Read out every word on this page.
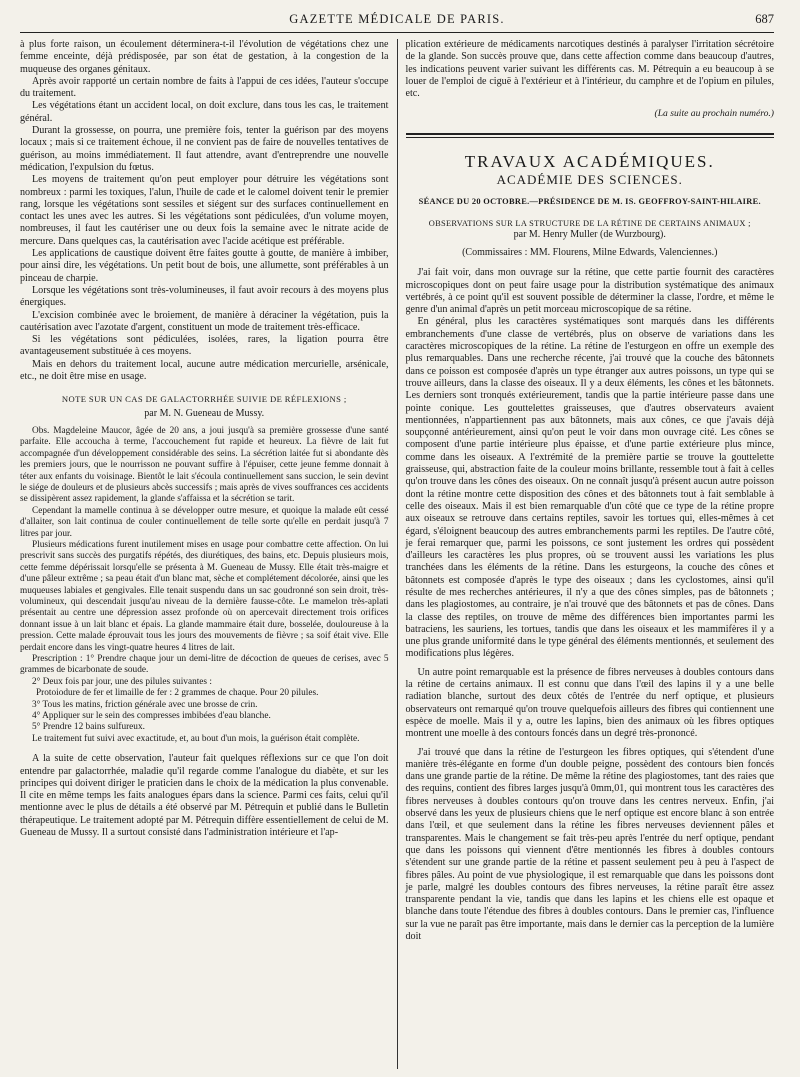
GAZETTE MÉDICALE DE PARIS.	687

à plus forte raison, un écoulement déterminera-t-il l'évolution de végétations chez une femme enceinte, déjà prédisposée, par son état de gestation, à la congestion de la muqueuse des organes génitaux.

Après avoir rapporté un certain nombre de faits à l'appui de ces idées, l'auteur s'occupe du traitement.

Les végétations étant un accident local, on doit exclure, dans tous les cas, le traitement général.

Durant la grossesse, on pourra, une première fois, tenter la guérison par des moyens locaux ; mais si ce traitement échoue, il ne convient pas de faire de nouvelles tentatives de guérison, au moins immédiatement. Il faut attendre, avant d'entreprendre une nouvelle médication, l'expulsion du fœtus.

Les moyens de traitement qu'on peut employer pour détruire les végétations sont nombreux : parmi les toxiques, l'alun, l'huile de cade et le calomel doivent tenir le premier rang, lorsque les végétations sont sessiles et siégent sur des surfaces continuellement en contact les unes avec les autres. Si les végétations sont pédiculées, d'un volume moyen, nombreuses, il faut les cautériser une ou deux fois la semaine avec le nitrate acide de mercure. Dans quelques cas, la cautérisation avec l'acide acétique est préférable.

Les applications de caustique doivent être faites goutte à goutte, de manière à imbiber, pour ainsi dire, les végétations. Un petit bout de bois, une allumette, sont préférables à un pinceau de charpie.

Lorsque les végétations sont très-volumineuses, il faut avoir recours à des moyens plus énergiques.

L'excision combinée avec le broiement, de manière à déraciner la végétation, puis la cautérisation avec l'azotate d'argent, constituent un mode de traitement très-efficace.

Si les végétations sont pédiculées, isolées, rares, la ligation pourra être avantageusement substituée à ces moyens.

Mais en dehors du traitement local, aucune autre médication mercurielle, arsénicale, etc., ne doit être mise en usage.

NOTE SUR UN CAS DE GALACTORRHÉE SUIVIE DE RÉFLEXIONS ;

par M. N. Gueneau de Mussy.

Obs. Magdeleine Maucor, âgée de 20 ans, a joui jusqu'à sa première grossesse d'une santé parfaite. Elle accoucha à terme, l'accouchement fut rapide et heureux. La fièvre de lait fut accompagnée d'un développement considérable des seins. La sécrétion laitée fut si abondante dès les premiers jours, que le nourrisson ne pouvant suffire à l'épuiser, cette jeune femme donnait à téter aux enfants du voisinage. Bientôt le lait s'écoula continuellement sans succion, le sein devint le siége de douleurs et de plusieurs abcès successifs ; mais après de vives souffrances ces accidents se dissipèrent assez rapidement, la glande s'affaissa et la sécrétion se tarit.

Cependant la mamelle continua à se développer outre mesure, et quoique la malade eût cessé d'allaiter, son lait continua de couler continuellement de telle sorte qu'elle en perdait jusqu'à 7 litres par jour.

Plusieurs médications furent inutilement mises en usage pour combattre cette affection. On lui prescrivit sans succès des purgatifs répétés, des diurétiques, des bains, etc. Depuis plusieurs mois, cette femme dépérissait lorsqu'elle se présenta à M. Gueneau de Mussy. Elle était très-maigre et d'une pâleur extrême ; sa peau était d'un blanc mat, sèche et complétement décolorée, ainsi que les muqueuses labiales et gengivales. Elle tenait suspendu dans un sac goudronné son sein droit, très-volumineux, qui descendait jusqu'au niveau de la dernière fausse-côte. Le mamelon très-aplati présentait au centre une dépression assez profonde où on apercevait directement trois orifices donnant issue à un lait blanc et épais. La glande mammaire était dure, bosselée, douloureuse à la pression. Cette malade éprouvait tous les jours des mouvements de fièvre ; sa soif était vive. Elle perdait encore dans les vingt-quatre heures 4 litres de lait.

Prescription : 1° Prendre chaque jour un demi-litre de décoction de queues de cerises, avec 5 grammes de bicarbonate de soude.

2° Deux fois par jour, une des pilules suivantes :

Protoiodure de fer et limaille de fer : 2 grammes de chaque. Pour 20 pilules.

3° Tous les matins, friction générale avec une brosse de crin.

4° Appliquer sur le sein des compresses imbibées d'eau blanche.

5° Prendre 12 bains sulfureux.

Le traitement fut suivi avec exactitude, et, au bout d'un mois, la guérison était complète.

A la suite de cette observation, l'auteur fait quelques réflexions sur ce que l'on doit entendre par galactorrhée, maladie qu'il regarde comme l'analogue du diabète, et sur les principes qui doivent diriger le praticien dans le choix de la médication la plus convenable. Il cite en même temps les faits analogues épars dans la science. Parmi ces faits, celui qu'il mentionne avec le plus de détails a été observé par M. Pétrequin et publié dans le Bulletin thérapeutique. Le traitement adopté par M. Pétrequin diffère essentiellement de celui de M. Gueneau de Mussy. Il a surtout consisté dans l'administration intérieure et l'ap-

plication extérieure de médicaments narcotiques destinés à paralyser l'irritation sécrétoire de la glande. Son succès prouve que, dans cette affection comme dans beaucoup d'autres, les indications peuvent varier suivant les différents cas. M. Pétrequin a eu beaucoup à se louer de l'emploi de ciguë à l'extérieur et à l'intérieur, du camphre et de l'opium en pilules, etc.

(La suite au prochain numéro.)
TRAVAUX ACADÉMIQUES.
ACADÉMIE DES SCIENCES.
SÉANCE DU 20 OCTOBRE.—PRÉSIDENCE DE M. IS. GEOFFROY-SAINT-HILAIRE.
OBSERVATIONS SUR LA STRUCTURE DE LA RÉTINE DE CERTAINS ANIMAUX ;
par M. Henry Muller (de Wurzbourg).
(Commissaires : MM. Flourens, Milne Edwards, Valenciennes.)

J'ai fait voir, dans mon ouvrage sur la rétine, que cette partie fournit des caractères microscopiques dont on peut faire usage pour la distribution systématique des animaux vertébrés, à ce point qu'il est souvent possible de déterminer la classe, l'ordre, et même le genre d'un animal d'après un petit morceau microscopique de sa rétine.

En général, plus les caractères systématiques sont marqués dans les différents embranchements d'une classe de vertébrés, plus on observe de variations dans les caractères microscopiques de la rétine. La rétine de l'esturgeon en offre un exemple des plus remarquables. Dans une recherche récente, j'ai trouvé que la couche des bâtonnets dans ce poisson est composée d'après un type étranger aux autres poissons, un type qui se trouve ailleurs, dans la classe des oiseaux. Il y a deux éléments, les cônes et les bâtonnets. Les derniers sont tronqués extérieurement, tandis que la partie intérieure passe dans une pointe conique. Les gouttelettes graisseuses, que d'autres observateurs avaient mentionnées, n'appartiennent pas aux bâtonnets, mais aux cônes, ce que j'avais déjà soupçonné antérieurement, ainsi qu'on peut le voir dans mon ouvrage cité. Les cônes se composent d'une partie intérieure plus épaisse, et d'une partie extérieure plus mince, comme dans les oiseaux. A l'extrémité de la première partie se trouve la gouttelette graisseuse, qui, abstraction faite de la couleur moins brillante, ressemble tout à fait à celles qu'on trouve dans les cônes des oiseaux. On ne connaît jusqu'à présent aucun autre poisson dont la rétine montre cette disposition des cônes et des bâtonnets tout à fait semblable à celle des oiseaux. Mais il est bien remarquable d'un côté que ce type de la rétine propre aux oiseaux se retrouve dans certains reptiles, savoir les tortues qui, elles-mêmes à cet égard, s'éloignent beaucoup des autres embranchements parmi les reptiles. De l'autre côté, je ferai remarquer que, parmi les poissons, ce sont justement les ordres qui possèdent d'ailleurs les caractères les plus propres, où se trouvent aussi les variations les plus tranchées dans les éléments de la rétine. Dans les esturgeons, la couche des cônes et bâtonnets est composée d'après le type des oiseaux ; dans les cyclostomes, ainsi qu'il résulte de mes recherches antérieures, il n'y a que des cônes simples, pas de bâtonnets ; dans les plagiostomes, au contraire, je n'ai trouvé que des bâtonnets et pas de cônes. Dans la classe des reptiles, on trouve de même des différences bien importantes parmi les batraciens, les sauriens, les tortues, tandis que dans les oiseaux et les mammifères il y a une plus grande uniformité dans le type général des éléments mentionnés, et seulement des modifications plus légères.

Un autre point remarquable est la présence de fibres nerveuses à doubles contours dans la rétine de certains animaux. Il est connu que dans l'œil des lapins il y a une belle radiation blanche, surtout des deux côtés de l'entrée du nerf optique, et plusieurs observateurs ont remarqué qu'on trouve quelquefois ailleurs des fibres qui contiennent une espèce de moelle. Mais il y a, outre les lapins, bien des animaux où les fibres optiques montrent une moelle à des contours foncés dans un degré très-prononcé.

J'ai trouvé que dans la rétine de l'esturgeon les fibres optiques, qui s'étendent d'une manière très-élégante en forme d'un double peigne, possèdent des contours bien foncés dans une grande partie de la rétine. De même la rétine des plagiostomes, tant des raies que des requins, contient des fibres larges jusqu'à 0mm,01, qui montrent tous les caractères des fibres nerveuses à doubles contours qu'on trouve dans les centres nerveux. Enfin, j'ai observé dans les yeux de plusieurs chiens que le nerf optique est encore blanc à son entrée dans l'œil, et que seulement dans la rétine les fibres nerveuses deviennent pâles et transparentes. Mais le changement se fait très-peu après l'entrée du nerf optique, pendant que dans les poissons qui viennent d'être mentionnés les fibres à doubles contours s'étendent sur une grande partie de la rétine et passent seulement peu à peu à l'aspect de fibres pâles. Au point de vue physiologique, il est remarquable que dans les poissons dont je parle, malgré les doubles contours des fibres nerveuses, la rétine paraît être assez transparente pendant la vie, tandis que dans les lapins et les chiens elle est opaque et blanche dans toute l'étendue des fibres à doubles contours. Dans le premier cas, l'influence sur la vue ne paraît pas être importante, mais dans le dernier cas la perception de la lumière doit
